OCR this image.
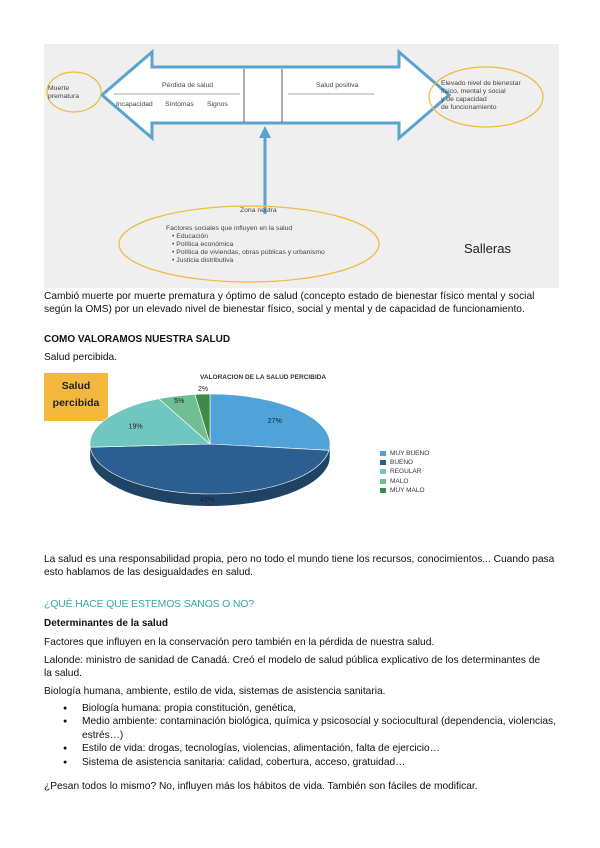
Muerte
prematura
Pérdida de salud
Incapacidad Síntomas Signos
Salud positiva	Elevado nivel de bienestar
físico, mental y social
y de capacidad
de funcionamiento
Zona neutra
Factores sociales que influyen en la salud
• Educación
• Política económica
• Política de viviendas, obras públicas y urbanismo
• Justicia distributiva
Salleras
Cambió muerte por muerte prematura y óptimo de salud (concepto estado de bienestar físico mental y social según la OMS) por un elevado nivel de bienestar físico, social y mental y de capacidad de funcionamiento.
COMO VALORAMOS NUESTRA SALUD
Salud percibida.
Salud
percibida
VALORACION DE LA SALUD PERCIBIDA
27%
47%
19%
5%
2%
MUY BUENO
BUENO
REGULAR
MALO
MUY MALO
La salud es una responsabilidad propia, pero no todo el mundo tiene los recursos, conocimientos... Cuando pasa esto hablamos de las desigualdades en salud.
¿QUÉ HACE QUE ESTEMOS SANOS O NO?
Determinantes de la salud
Factores que influyen en la conservación pero también en la pérdida de nuestra salud.
Lalonde: ministro de sanidad de Canadá. Creó el modelo de salud pública explicativo de los determinantes de la salud.
Biología humana, ambiente, estilo de vida, sistemas de asistencia sanitaria.
● Biología humana: propia constitución, genética,
● Medio ambiente: contaminación biológica, química y psicosocial y sociocultural (dependencia, violencias, estrés…)
● Estilo de vida: drogas, tecnologías, violencias, alimentación, falta de ejercicio…
● Sistema de asistencia sanitaria: calidad, cobertura, acceso, gratuidad…
¿Pesan todos lo mismo? No, influyen más los hábitos de vida. También son fáciles de modificar.
